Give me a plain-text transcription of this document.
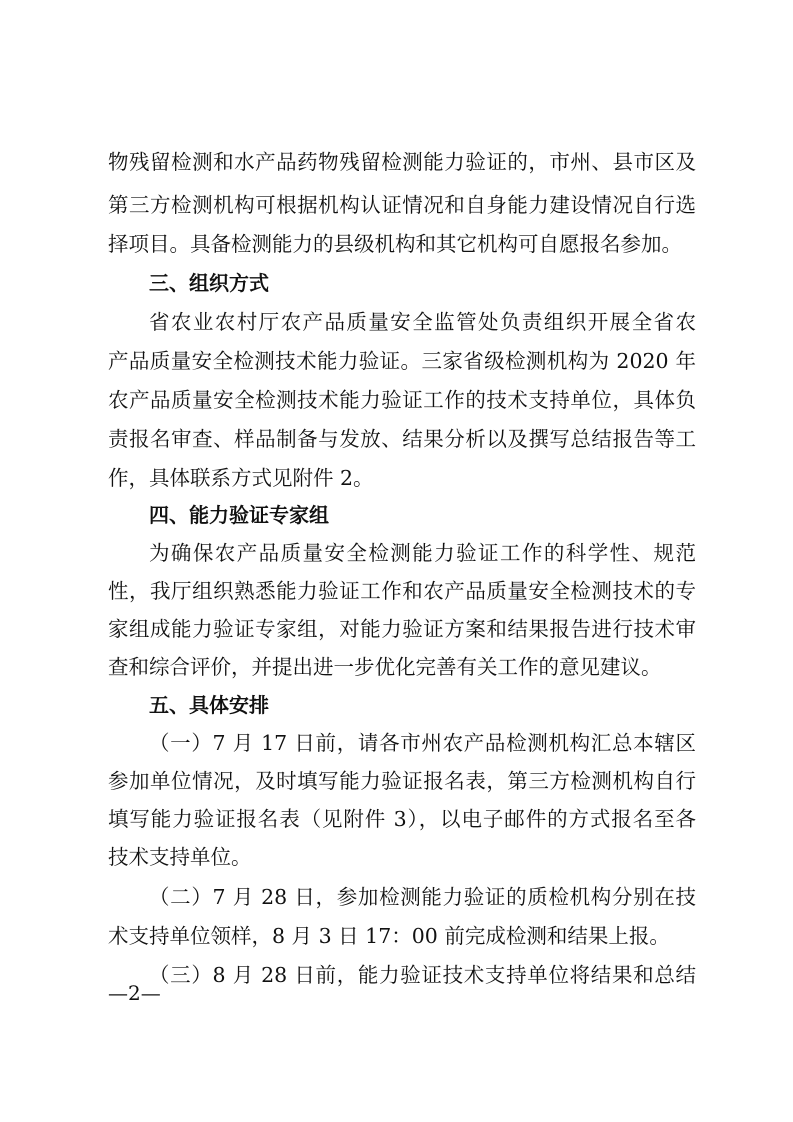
物残留检测和水产品药物残留检测能力验证的，市州、县市区及
第三方检测机构可根据机构认证情况和自身能力建设情况自行选
择项目。具备检测能力的县级机构和其它机构可自愿报名参加。
三、组织方式
省农业农村厅农产品质量安全监管处负责组织开展全省农
产品质量安全检测技术能力验证。三家省级检测机构为 2020 年
农产品质量安全检测技术能力验证工作的技术支持单位，具体负
责报名审查、样品制备与发放、结果分析以及撰写总结报告等工
作，具体联系方式见附件 2。
四、能力验证专家组
为确保农产品质量安全检测能力验证工作的科学性、规范
性，我厅组织熟悉能力验证工作和农产品质量安全检测技术的专
家组成能力验证专家组，对能力验证方案和结果报告进行技术审
查和综合评价，并提出进一步优化完善有关工作的意见建议。
五、具体安排
（一）7 月 17 日前，请各市州农产品检测机构汇总本辖区
参加单位情况，及时填写能力验证报名表，第三方检测机构自行
填写能力验证报名表（见附件 3），以电子邮件的方式报名至各
技术支持单位。
（二）7 月 28 日，参加检测能力验证的质检机构分别在技
术支持单位领样，8 月 3 日 17：00 前完成检测和结果上报。
（三）8 月 28 日前，能力验证技术支持单位将结果和总结
—2—
